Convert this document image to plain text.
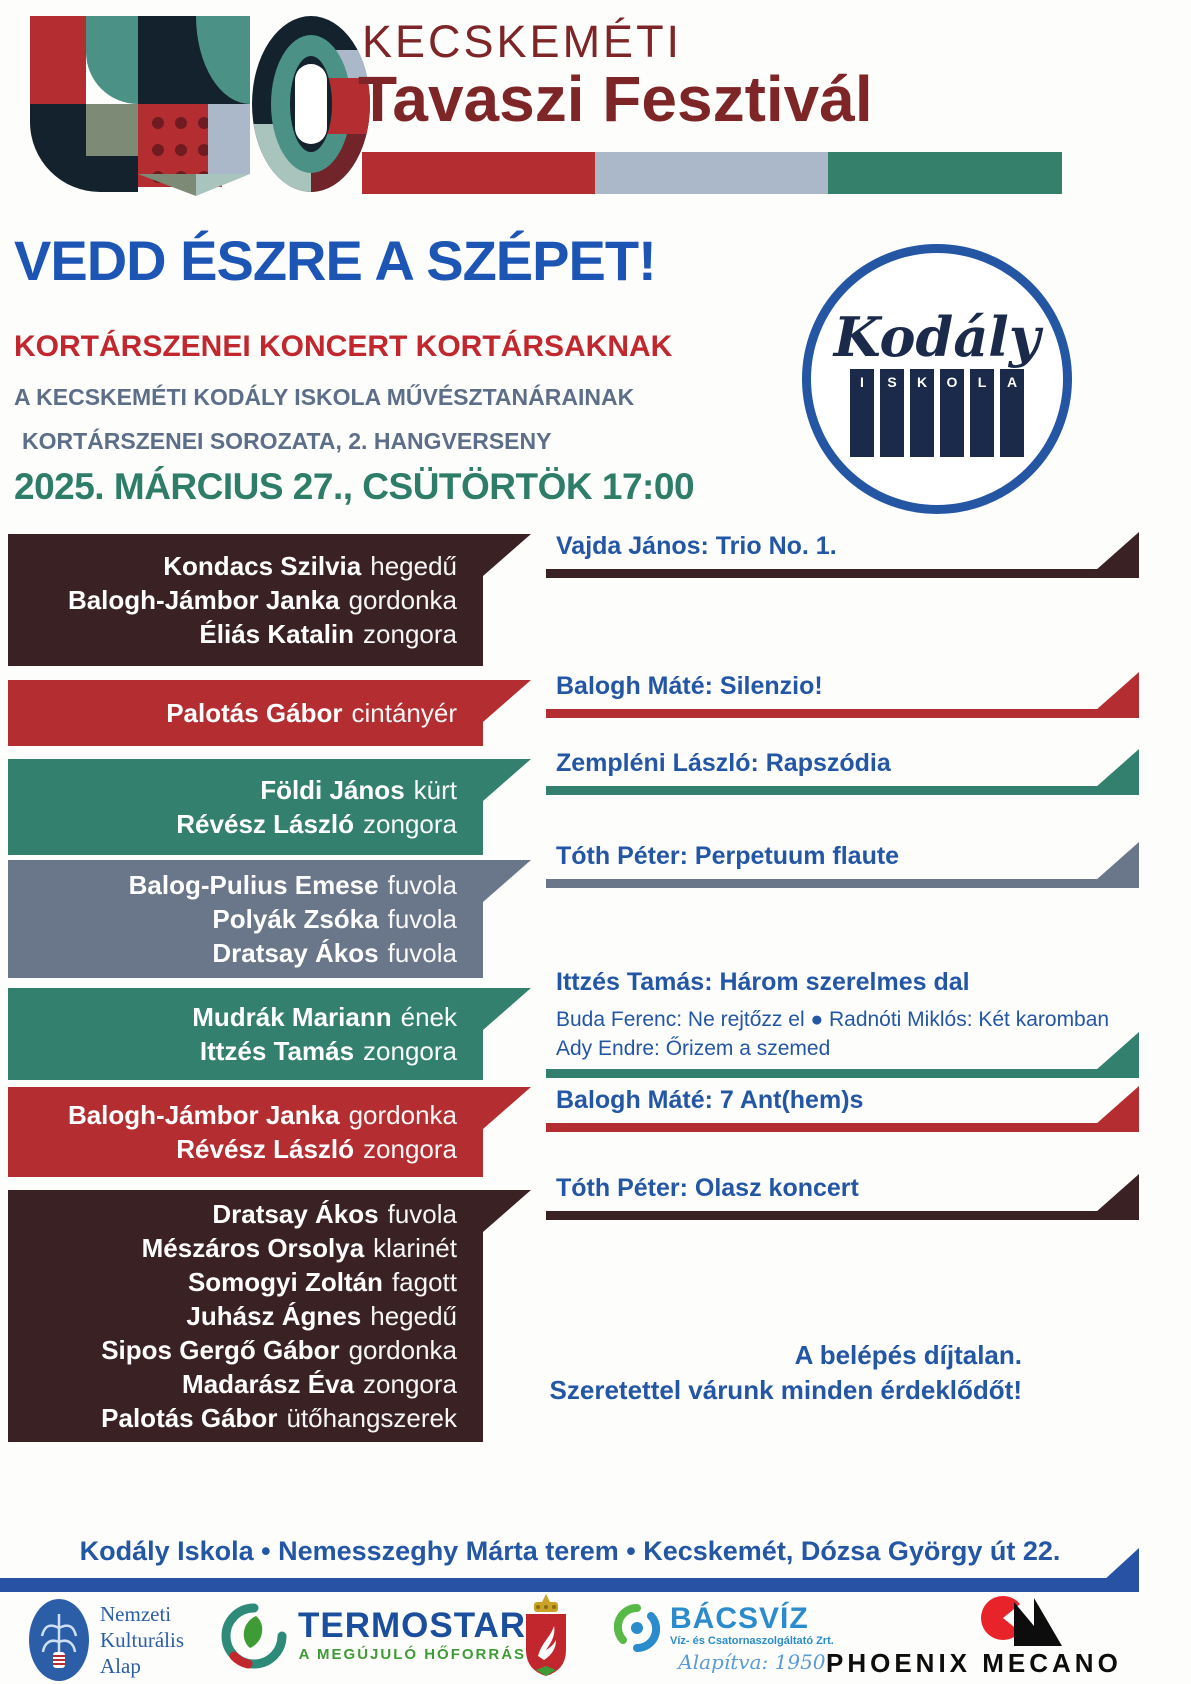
KECSKEMÉTI
Tavaszi Fesztivál
VEDD ÉSZRE A SZÉPET!
KORTÁRSZENEI KONCERT KORTÁRSAKNAK
A KECSKEMÉTI KODÁLY ISKOLA MŰVÉSZTANÁRAINAK
KORTÁRSZENEI SOROZATA, 2. HANGVERSENY
2025. MÁRCIUS 27., CSÜTÖRTÖK 17:00
Kodály
I	S	K	O	L	A
Kondacs Szilvia hegedű
Balogh-Jámbor Janka gordonka
Éliás Katalin zongora
Palotás Gábor cintányér
Földi János kürt
Révész László zongora
Balog-Pulius Emese fuvola
Polyák Zsóka fuvola
Dratsay Ákos fuvola
Mudrák Mariann ének
Ittzés Tamás zongora
Balogh-Jámbor Janka gordonka
Révész László zongora
Dratsay Ákos fuvola
Mészáros Orsolya klarinét
Somogyi Zoltán fagott
Juhász Ágnes hegedű
Sipos Gergő Gábor gordonka
Madarász Éva zongora
Palotás Gábor ütőhangszerek
Vajda János: Trio No. 1.
Balogh Máté: Silenzio!
Zempléni László: Rapszódia
Tóth Péter: Perpetuum flaute
Ittzés Tamás: Három szerelmes dal
Buda Ferenc: Ne rejtőzz el ● Radnóti Miklós: Két karomban
Ady Endre: Őrizem a szemed
Balogh Máté: 7 Ant(hem)s
Tóth Péter: Olasz koncert
A belépés díjtalan.
Szeretettel várunk minden érdeklődőt!
Kodály Iskola • Nemesszeghy Márta terem • Kecskemét, Dózsa György út 22.
Nemzeti
Kulturális
Alap
TERMOSTAR
A MEGÚJULÓ HŐFORRÁS
BÁCSVÍZ
Víz- és Csatornaszolgáltató Zrt.
Alapítva: 1950 PHOENIX MECANO
